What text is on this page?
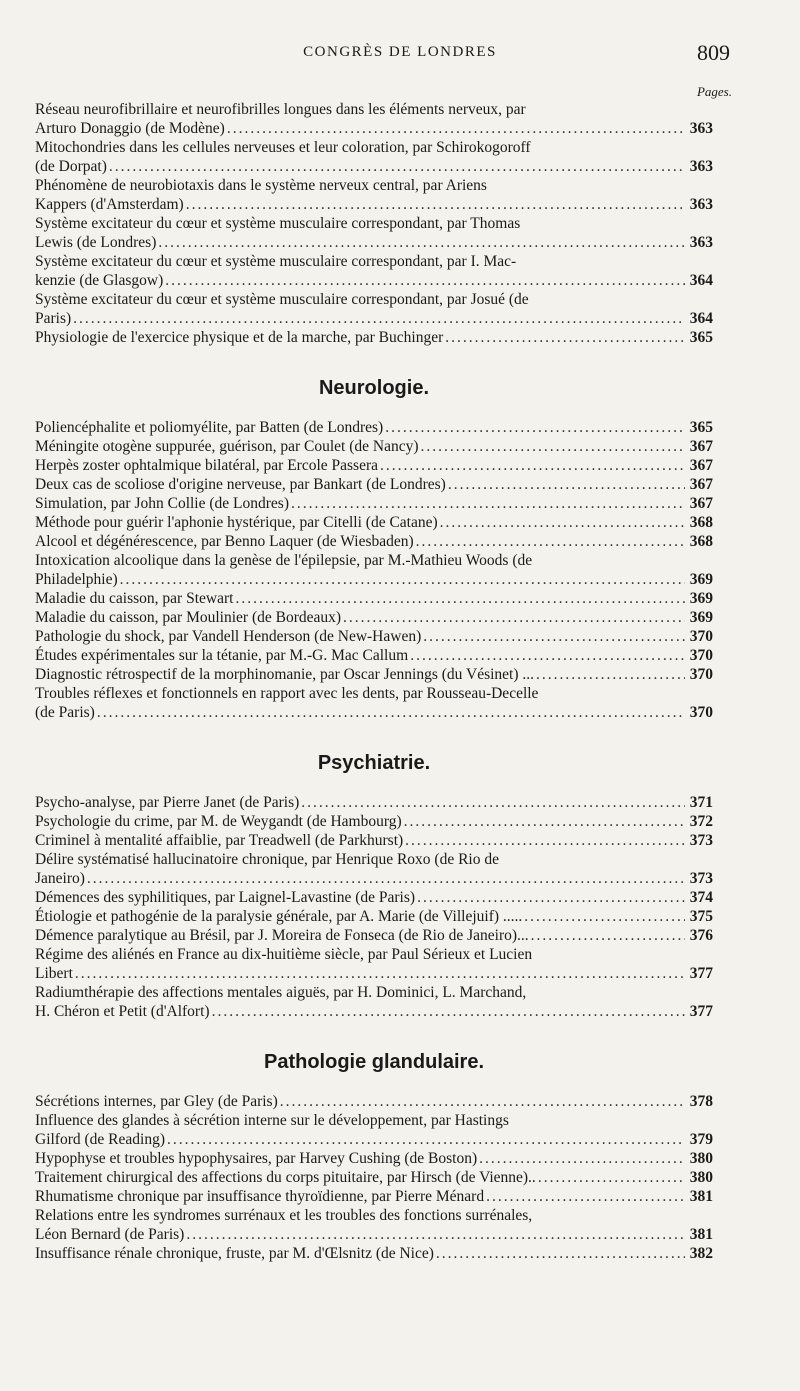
CONGRÈS DE LONDRES	809
Pages.
Réseau neurofibrillaire et neurofibrilles longues dans les éléments nerveux, par
Arturo Donaggio (de Modène) .....	363
Mitochondries dans les cellules nerveuses et leur coloration, par Schirokogoroff
(de Dorpat) .....	363
Phénomène de neurobiotaxis dans le système nerveux central, par Ariens
Kappers (d'Amsterdam) .....	363
Système excitateur du cœur et système musculaire correspondant, par Thomas
Lewis (de Londres) .....	363
Système excitateur du cœur et système musculaire correspondant, par I. Mac-
kenzie (de Glasgow) .....	364
Système excitateur du cœur et système musculaire correspondant, par Josué (de
Paris) .....	364
Physiologie de l'exercice physique et de la marche, par Buchinger .....	365
Neurologie.
Poliencéphalite et poliomyélite, par Batten (de Londres) .....	365
Méningite otogène suppurée, guérison, par Coulet (de Nancy) .....	367
Herpès zoster ophtalmique bilatéral, par Ercole Passera .....	367
Deux cas de scoliose d'origine nerveuse, par Bankart (de Londres) .....	367
Simulation, par John Collie (de Londres) .....	367
Méthode pour guérir l'aphonie hystérique, par Citelli (de Catane) .....	368
Alcool et dégénérescence, par Benno Laquer (de Wiesbaden) .....	368
Intoxication alcoolique dans la genèse de l'épilepsie, par M.-Mathieu Woods (de
Philadelphie) .....	369
Maladie du caisson, par Stewart .....	369
Maladie du caisson, par Moulinier (de Bordeaux) .....	369
Pathologie du shock, par Vandell Henderson (de New-Hawen) .....	370
Études expérimentales sur la tétanie, par M.-G. Mac Callum .....	370
Diagnostic rétrospectif de la morphinomanie, par Oscar Jennings (du Vésinet) ... .....	370
Troubles réflexes et fonctionnels en rapport avec les dents, par Rousseau-Decelle
(de Paris) .....	370
Psychiatrie.
Psycho-analyse, par Pierre Janet (de Paris) .....	371
Psychologie du crime, par M. de Weygandt (de Hambourg) .....	372
Criminel à mentalité affaiblie, par Treadwell (de Parkhurst) .....	373
Délire systématisé hallucinatoire chronique, par Henrique Roxo (de Rio de
Janeiro) .....	373
Démences des syphilitiques, par Laignel-Lavastine (de Paris) .....	374
Étiologie et pathogénie de la paralysie générale, par A. Marie (de Villejuif) ..... .....	375
Démence paralytique au Brésil, par J. Moreira de Fonseca (de Rio de Janeiro)... .....	376
Régime des aliénés en France au dix-huitième siècle, par Paul Sérieux et Lucien
Libert .....	377
Radiumthérapie des affections mentales aiguës, par H. Dominici, L. Marchand,
H. Chéron et Petit (d'Alfort) .....	377
Pathologie glandulaire.
Sécrétions internes, par Gley (de Paris) .....	378
Influence des glandes à sécrétion interne sur le développement, par Hastings
Gilford (de Reading) .....	379
Hypophyse et troubles hypophysaires, par Harvey Cushing (de Boston) .....	380
Traitement chirurgical des affections du corps pituitaire, par Hirsch (de Vienne).. .....	380
Rhumatisme chronique par insuffisance thyroïdienne, par Pierre Ménard .....	381
Relations entre les syndromes surrénaux et les troubles des fonctions surrénales,
Léon Bernard (de Paris) .....	381
Insuffisance rénale chronique, fruste, par M. d'Œlsnitz (de Nice) .....	382
